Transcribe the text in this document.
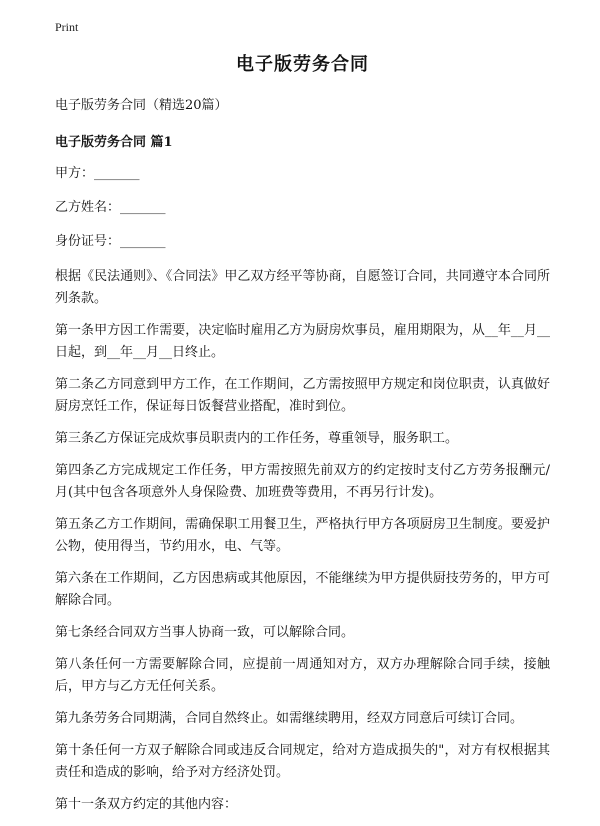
Print
电子版劳务合同
电子版劳务合同（精选20篇）
电子版劳务合同 篇1
甲方：_______
乙方姓名：_______
身份证号：_______

根据《民法通则》、《合同法》甲乙双方经平等协商，自愿签订合同，共同遵守本合同所列条款。

第一条甲方因工作需要，决定临时雇用乙方为厨房炊事员，雇用期限为，从__年__月__日起，到__年__月__日终止。

第二条乙方同意到甲方工作，在工作期间，乙方需按照甲方规定和岗位职责，认真做好厨房烹饪工作，保证每日饭餐营业搭配，准时到位。

第三条乙方保证完成炊事员职责内的工作任务，尊重领导，服务职工。

第四条乙方完成规定工作任务，甲方需按照先前双方的约定按时支付乙方劳务报酬元/月(其中包含各项意外人身保险费、加班费等费用，不再另行计发)。

第五条乙方工作期间，需确保职工用餐卫生，严格执行甲方各项厨房卫生制度。要爱护公物，使用得当，节约用水，电、气等。

第六条在工作期间，乙方因患病或其他原因，不能继续为甲方提供厨技劳务的，甲方可解除合同。

第七条经合同双方当事人协商一致，可以解除合同。

第八条任何一方需要解除合同，应提前一周通知对方，双方办理解除合同手续，接触后，甲方与乙方无任何关系。

第九条劳务合同期满，合同自然终止。如需继续聘用，经双方同意后可续订合同。

第十条任何一方双子解除合同或违反合同规定，给对方造成损失的"，对方有权根据其责任和造成的影响，给予对方经济处罚。

第十一条双方约定的其他内容：
